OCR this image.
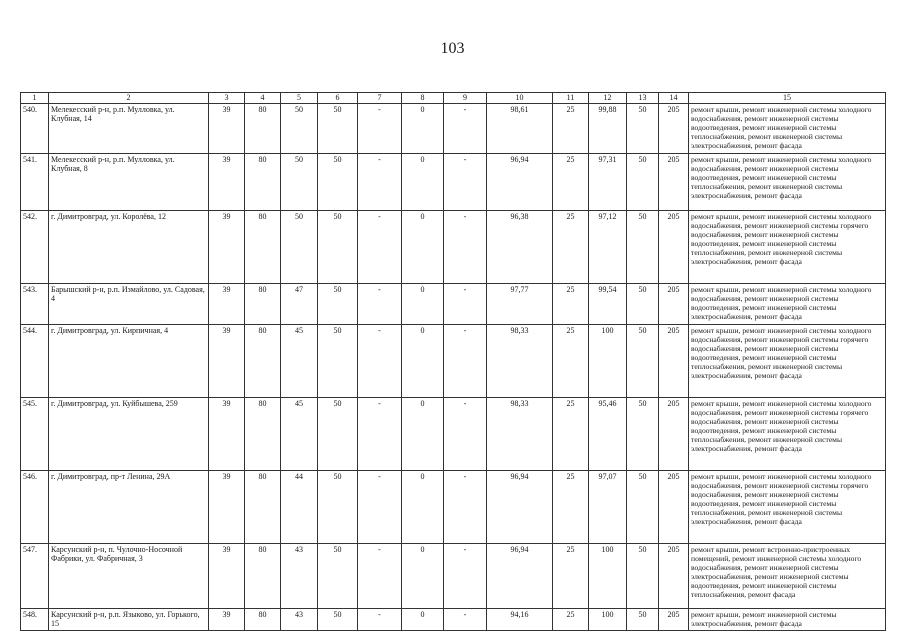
103
1	2	3	4	5	6	7	8	9	10	11	12	13	14	15
540.	Мелекесский р-н, р.п. Мулловка, ул. Клубная, 14	39	80	50	50	-	0	-	98,61	25	99,88	50	205	ремонт крыши, ремонт инженерной системы холодного водоснабжения, ремонт инженерной системы водоотведения, ремонт инженерной системы теплоснабжения, ремонт инженерной системы электроснабжения, ремонт фасада
541.	Мелекесский р-н, р.п. Мулловка, ул. Клубная, 8	39	80	50	50	-	0	-	96,94	25	97,31	50	205	ремонт крыши, ремонт инженерной системы холодного водоснабжения, ремонт инженерной системы водоотведения, ремонт инженерной системы теплоснабжения, ремонт инженерной системы электроснабжения, ремонт фасада
542.	г. Димитровград, ул. Королёва, 12	39	80	50	50	-	0	-	96,38	25	97,12	50	205	ремонт крыши, ремонт инженерной системы холодного водоснабжения, ремонт инженерной системы горячего водоснабжения, ремонт инженерной системы водоотведения, ремонт инженерной системы теплоснабжения, ремонт инженерной системы электроснабжения, ремонт фасада
543.	Барышский р-н, р.п. Измайлово, ул. Садовая, 4	39	80	47	50	-	0	-	97,77	25	99,54	50	205	ремонт крыши, ремонт инженерной системы холодного водоснабжения, ремонт инженерной системы водоотведения, ремонт инженерной системы электроснабжения, ремонт фасада
544.	г. Димитровград, ул. Кирпичная, 4	39	80	45	50	-	0	-	98,33	25	100	50	205	ремонт крыши, ремонт инженерной системы холодного водоснабжения, ремонт инженерной системы горячего водоснабжения, ремонт инженерной системы водоотведения, ремонт инженерной системы теплоснабжения, ремонт инженерной системы электроснабжения, ремонт фасада
545.	г. Димитровград, ул. Куйбышева, 259	39	80	45	50	-	0	-	98,33	25	95,46	50	205	ремонт крыши, ремонт инженерной системы холодного водоснабжения, ремонт инженерной системы горячего водоснабжения, ремонт инженерной системы водоотведения, ремонт инженерной системы теплоснабжения, ремонт инженерной системы электроснабжения, ремонт фасада
546.	г. Димитровград, пр-т Ленина, 29А	39	80	44	50	-	0	-	96,94	25	97,07	50	205	ремонт крыши, ремонт инженерной системы холодного водоснабжения, ремонт инженерной системы горячего водоснабжения, ремонт инженерной системы водоотведения, ремонт инженерной системы теплоснабжения, ремонт инженерной системы электроснабжения, ремонт фасада
547.	Карсунский р-н, п. Чулочно-Носочной Фабрики, ул. Фабричная, 3	39	80	43	50	-	0	-	96,94	25	100	50	205	ремонт крыши, ремонт встроенно-пристроенных помещений, ремонт инженерной системы холодного водоснабжения, ремонт инженерной системы электроснабжения, ремонт инженерной системы водоотведения, ремонт инженерной системы теплоснабжения, ремонт фасада
548.	Карсунский р-н, р.п. Языково, ул. Горького, 15	39	80	43	50	-	0	-	94,16	25	100	50	205	ремонт крыши, ремонт инженерной системы электроснабжения, ремонт фасада
